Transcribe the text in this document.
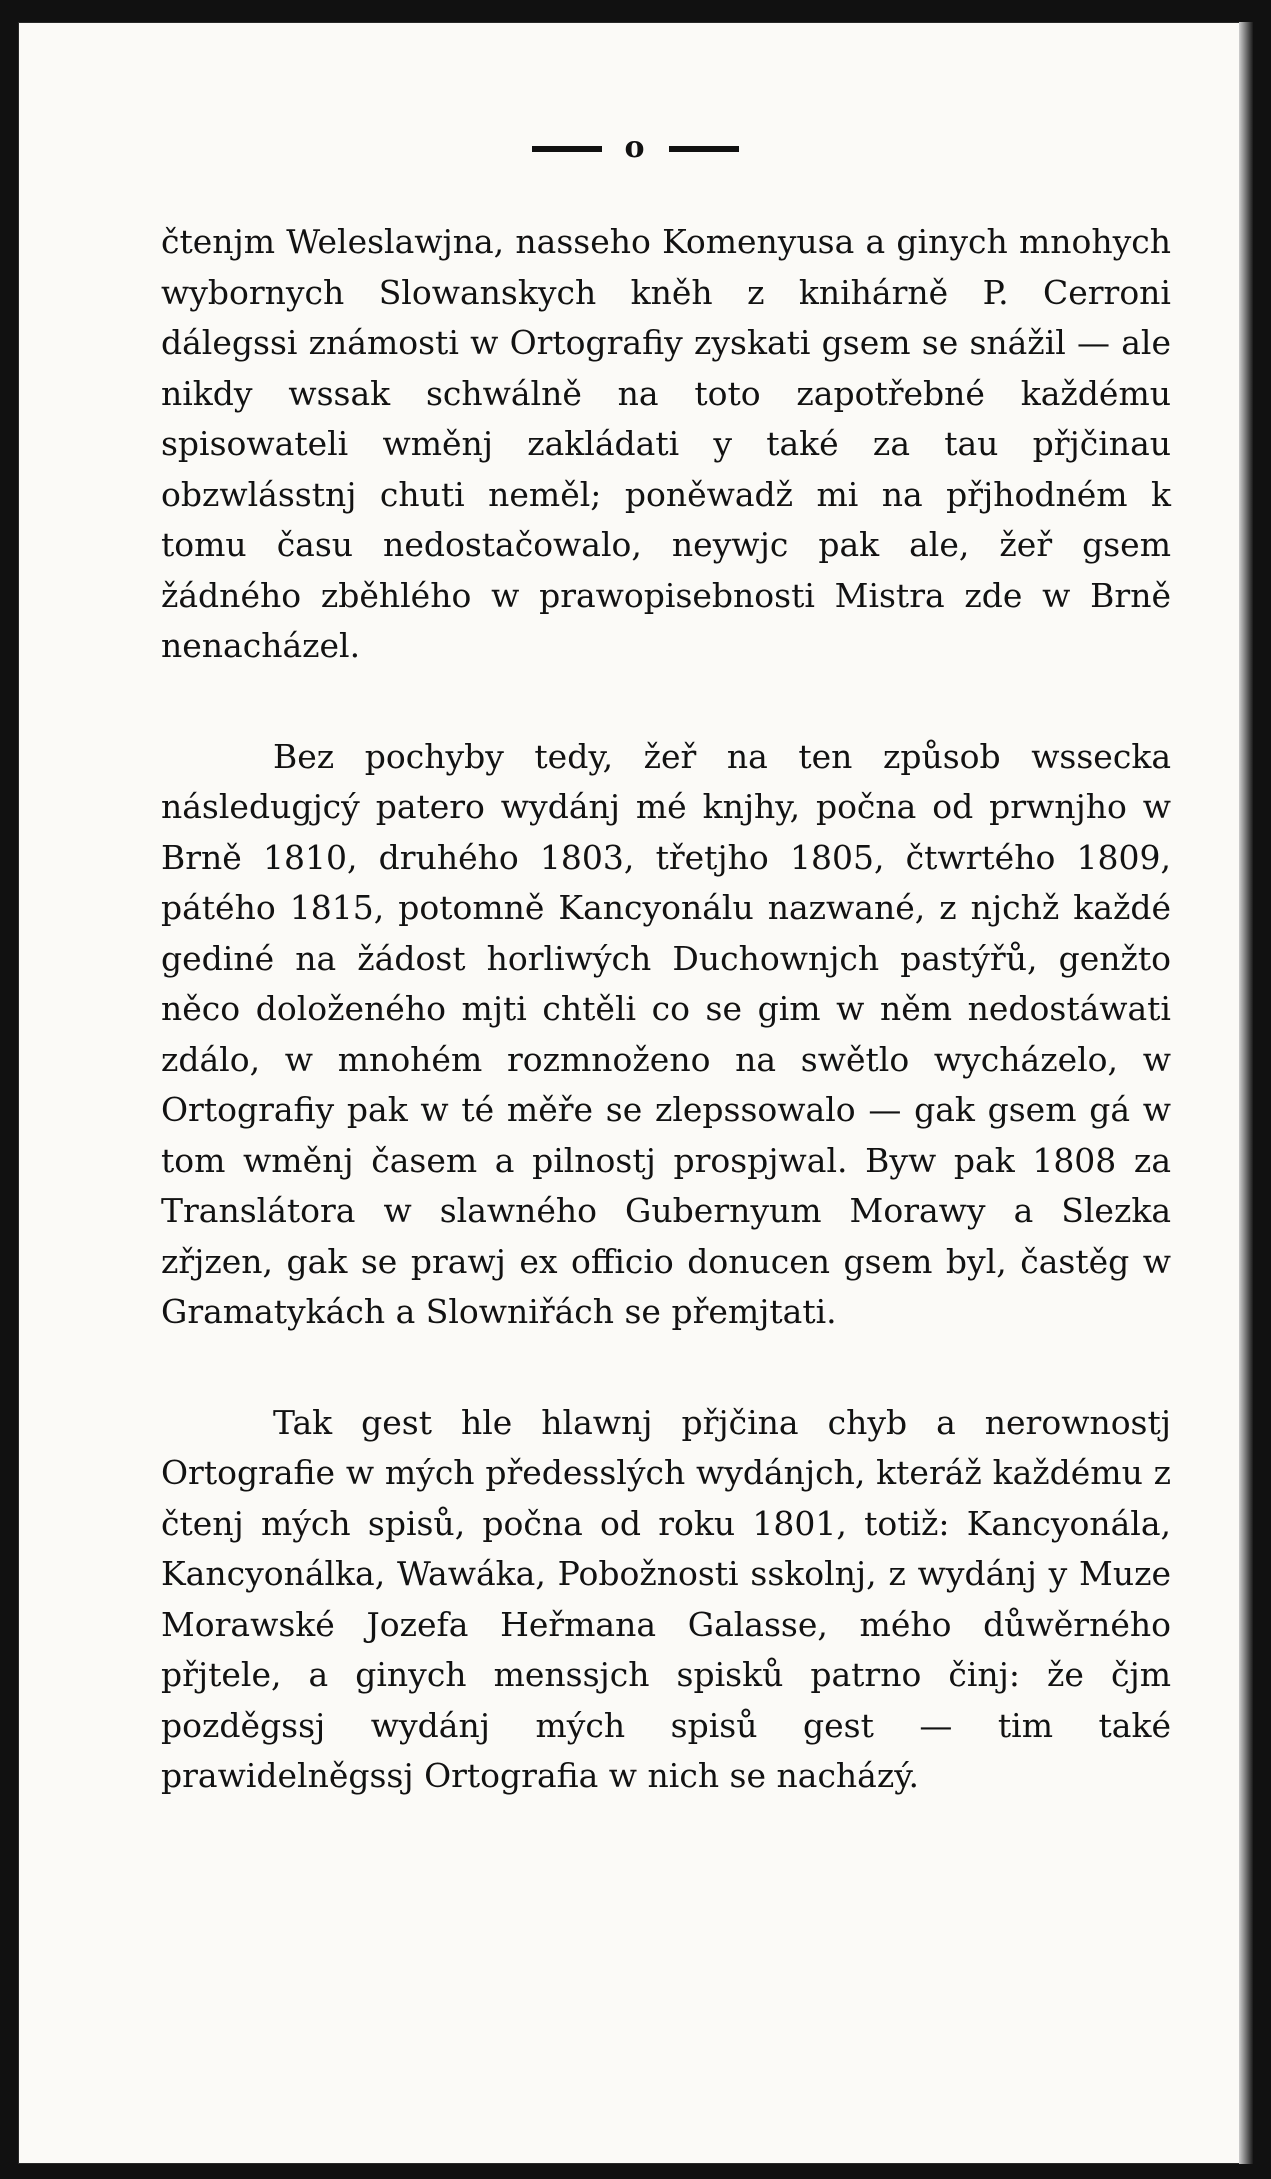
o

čtenjm Weleslawjna, nasseho Komenyusa a ginych mnohych wybornych Slowanskych kněh z knihárně P. Cerroni dálegssi známosti w Ortografiy zyskati gsem se snážil — ale nikdy wssak schwálně na toto zapotřebné každému spisowateli wměnj zakládati y také za tau přjčinau obzwlásstnj chuti neměl; poněwadž mi na přjhodném k tomu času nedostačowalo, neywjc pak ale, žeř gsem žádného zběhlého w prawopisebnosti Mistra zde w Brně nenacházel.

Bez pochyby tedy, žeř na ten způsob wssecka následugjcý patero wydánj mé knjhy, počna od prwnjho w Brně 1810, druhého 1803, třetjho 1805, čtwrtého 1809, pátého 1815, potomně Kancyonálu nazwané, z njchž každé gediné na žádost horliwých Duchownjch pastýřů, genžto něco doloženého mjti chtěli co se gim w něm nedostáwati zdálo, w mnohém rozmnoženo na swětlo wycházelo, w Ortografiy pak w té měře se zlepssowalo — gak gsem gá w tom wměnj časem a pilnostj prospjwal. Byw pak 1808 za Translátora w slawného Gubernyum Morawy a Slezka zřjzen, gak se prawj ex officio donucen gsem byl, častěg w Gramatykách a Slowniřách se přemjtati.

Tak gest hle hlawnj přjčina chyb a nerownostj Ortografie w mých předesslých wydánjch, kteráž každému z čtenj mých spisů, počna od roku 1801, totiž: Kancyonála, Kancyonálka, Wawáka, Pobožnosti sskolnj, z wydánj y Muze Morawské Jozefa Heřmana Galasse, mého důwěrného přjtele, a ginych menssjch spisků patrno činj: že čjm pozděgssj wydánj mých spisů gest — tim také prawidelněgssj Ortografia w nich se nacházý.
